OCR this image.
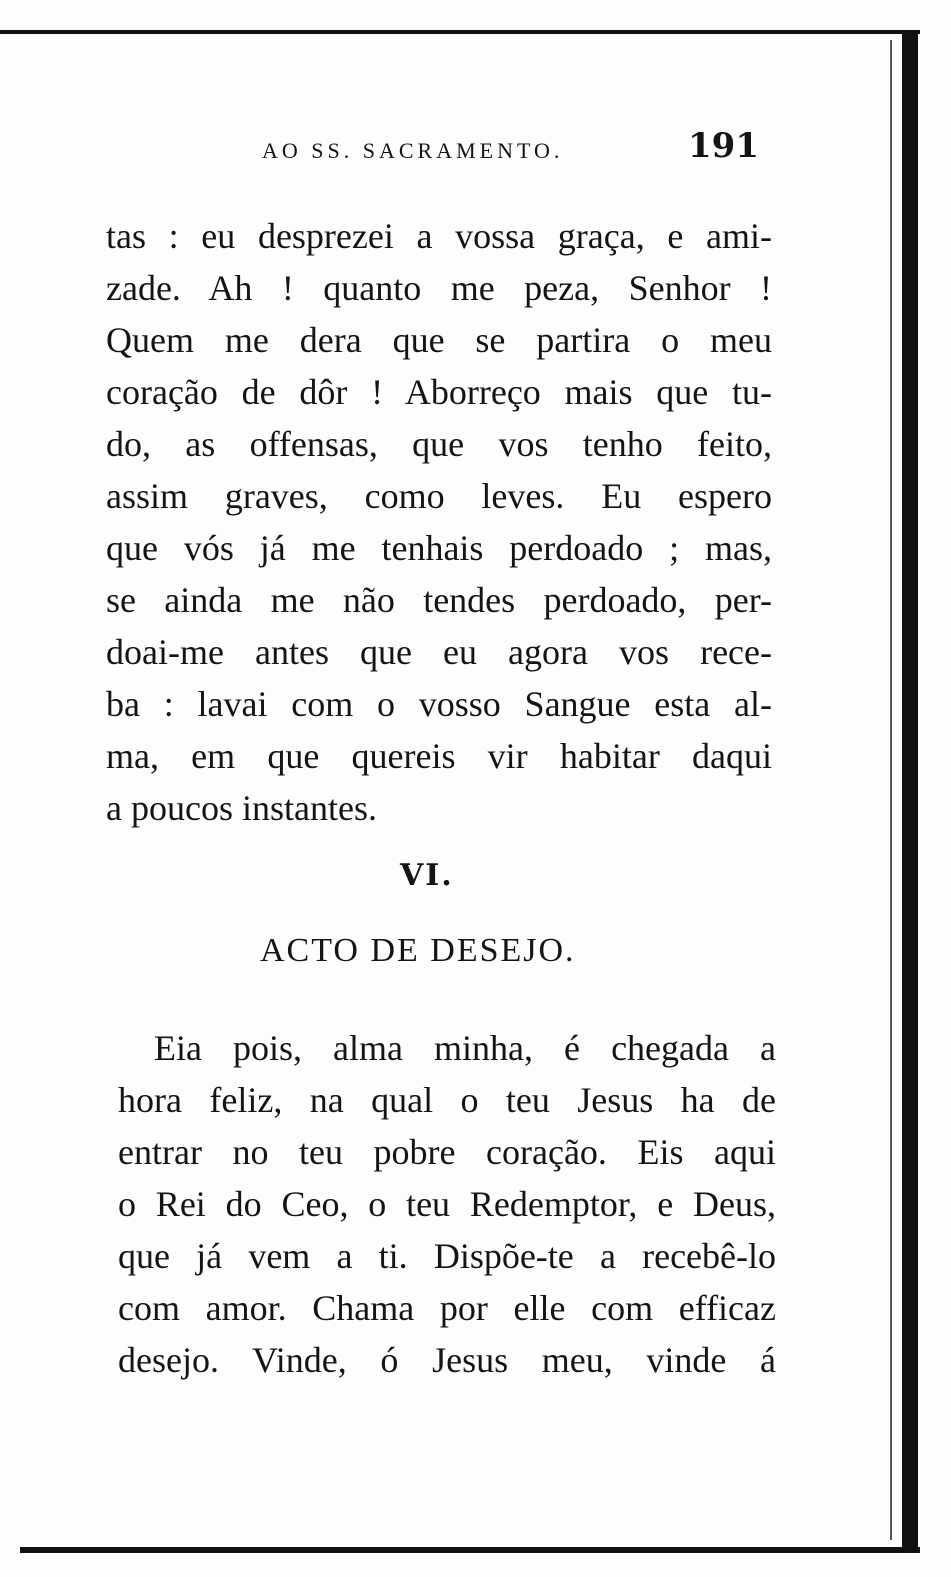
AO SS. SACRAMENTO.	191
tas : eu desprezei a vossa graça, e ami-
zade. Ah ! quanto me peza, Senhor !
Quem me dera que se partira o meu
coração de dôr ! Aborreço mais que tu-
do, as offensas, que vos tenho feito,
assim graves, como leves. Eu espero
que vós já me tenhais perdoado ; mas,
se ainda me não tendes perdoado, per-
doai-me antes que eu agora vos rece-
ba : lavai com o vosso Sangue esta al-
ma, em que quereis vir habitar daqui
a poucos instantes.
VI.
ACTO DE DESEJO.
Eia pois, alma minha, é chegada a
hora feliz, na qual o teu Jesus ha de
entrar no teu pobre coração. Eis aqui
o Rei do Ceo, o teu Redemptor, e Deus,
que já vem a ti. Dispõe-te a recebê-lo
com amor. Chama por elle com efficaz
desejo. Vinde, ó Jesus meu, vinde á
